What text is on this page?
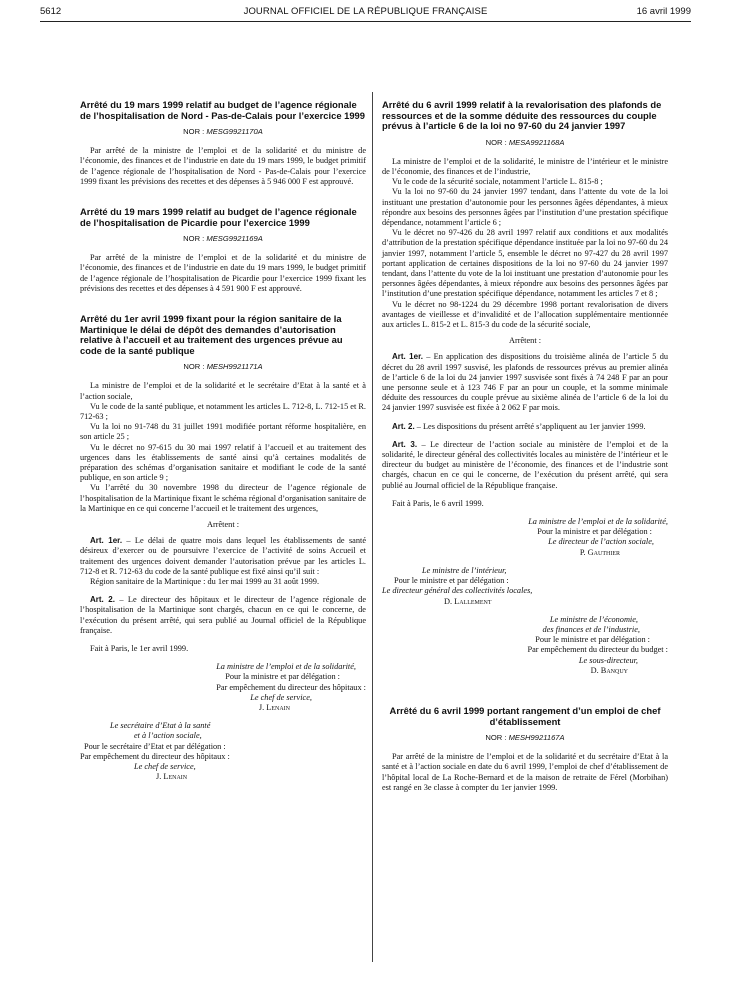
5612	JOURNAL OFFICIEL DE LA RÉPUBLIQUE FRANÇAISE	16 avril 1999
Arrêté du 19 mars 1999 relatif au budget de l’agence régionale de l’hospitalisation de Nord - Pas-de-Calais pour l’exercice 1999
NOR : MESG9921170A

Par arrêté de la ministre de l’emploi et de la solidarité et du ministre de l’économie, des finances et de l’industrie en date du 19 mars 1999, le budget primitif de l’agence régionale de l’hospitalisation de Nord - Pas-de-Calais pour l’exercice 1999 fixant les prévisions des recettes et des dépenses à 5 946 000 F est approuvé.

Arrêté du 19 mars 1999 relatif au budget de l’agence régionale de l’hospitalisation de Picardie pour l’exercice 1999
NOR : MESG9921169A

Par arrêté de la ministre de l’emploi et de la solidarité et du ministre de l’économie, des finances et de l’industrie en date du 19 mars 1999, le budget primitif de l’agence régionale de l’hospitalisation de Picardie pour l’exercice 1999 fixant les prévisions des recettes et des dépenses à 4 591 900 F est approuvé.

Arrêté du 1er avril 1999 fixant pour la région sanitaire de la Martinique le délai de dépôt des demandes d’autorisation relative à l’accueil et au traitement des urgences prévue au code de la santé publique
NOR : MESH9921171A

La ministre de l’emploi et de la solidarité et le secrétaire d’Etat à la santé et à l’action sociale,

Vu le code de la santé publique, et notamment les articles L. 712-8, L. 712-15 et R. 712-63 ;

Vu la loi no 91-748 du 31 juillet 1991 modifiée portant réforme hospitalière, en son article 25 ;

Vu le décret no 97-615 du 30 mai 1997 relatif à l’accueil et au traitement des urgences dans les établissements de santé ainsi qu’à certaines modalités de préparation des schémas d’organisation sanitaire et modifiant le code de la santé publique, en son article 9 ;

Vu l’arrêté du 30 novembre 1998 du directeur de l’agence régionale de l’hospitalisation de la Martinique fixant le schéma régional d’organisation sanitaire de la Martinique en ce qui concerne l’accueil et le traitement des urgences,

Arrêtent :

Art. 1er. – Le délai de quatre mois dans lequel les établissements de santé désireux d’exercer ou de poursuivre l’exercice de l’activité de soins Accueil et traitement des urgences doivent demander l’autorisation prévue par les articles L. 712-8 et R. 712-63 du code de la santé publique est fixé ainsi qu’il suit :

Région sanitaire de la Martinique : du 1er mai 1999 au 31 août 1999.

Art. 2. – Le directeur des hôpitaux et le directeur de l’agence régionale de l’hospitalisation de la Martinique sont chargés, chacun en ce qui le concerne, de l’exécution du présent arrêté, qui sera publié au Journal officiel de la République française.

Fait à Paris, le 1er avril 1999.

La ministre de l’emploi et de la solidarité,
Pour la ministre et par délégation :
Par empêchement du directeur des hôpitaux :
Le chef de service,
J. Lenain
Le secrétaire d’Etat à la santé
et à l’action sociale,
Pour le secrétaire d’Etat et par délégation :
Par empêchement du directeur des hôpitaux :
Le chef de service,
J. Lenain
Arrêté du 6 avril 1999 relatif à la revalorisation des plafonds de ressources et de la somme déduite des ressources du couple prévus à l’article 6 de la loi no 97-60 du 24 janvier 1997
NOR : MESA9921168A

La ministre de l’emploi et de la solidarité, le ministre de l’intérieur et le ministre de l’économie, des finances et de l’industrie,

Vu le code de la sécurité sociale, notamment l’article L. 815-8 ;

Vu la loi no 97-60 du 24 janvier 1997 tendant, dans l’attente du vote de la loi instituant une prestation d’autonomie pour les personnes âgées dépendantes, à mieux répondre aux besoins des personnes âgées par l’institution d’une prestation spécifique dépendance, notamment l’article 6 ;

Vu le décret no 97-426 du 28 avril 1997 relatif aux conditions et aux modalités d’attribution de la prestation spécifique dépendance instituée par la loi no 97-60 du 24 janvier 1997, notamment l’article 5, ensemble le décret no 97-427 du 28 avril 1997 portant application de certaines dispositions de la loi no 97-60 du 24 janvier 1997 tendant, dans l’attente du vote de la loi instituant une prestation d’autonomie pour les personnes âgées dépendantes, à mieux répondre aux besoins des personnes âgées par l’institution d’une prestation spécifique dépendance, notamment les articles 7 et 8 ;

Vu le décret no 98-1224 du 29 décembre 1998 portant revalorisation de divers avantages de vieillesse et d’invalidité et de l’allocation supplémentaire mentionnée aux articles L. 815-2 et L. 815-3 du code de la sécurité sociale,

Arrêtent :

Art. 1er. – En application des dispositions du troisième alinéa de l’article 5 du décret du 28 avril 1997 susvisé, les plafonds de ressources prévus au premier alinéa de l’article 6 de la loi du 24 janvier 1997 susvisée sont fixés à 74 248 F par an pour une personne seule et à 123 746 F par an pour un couple, et la somme minimale déduite des ressources du couple prévue au sixième alinéa de l’article 6 de la loi du 24 janvier 1997 susvisée est fixée à 2 062 F par mois.

Art. 2. – Les dispositions du présent arrêté s’appliquent au 1er janvier 1999.

Art. 3. – Le directeur de l’action sociale au ministère de l’emploi et de la solidarité, le directeur général des collectivités locales au ministère de l’intérieur et le directeur du budget au ministère de l’économie, des finances et de l’industrie sont chargés, chacun en ce qui le concerne, de l’exécution du présent arrêté, qui sera publié au Journal officiel de la République française.

Fait à Paris, le 6 avril 1999.

La ministre de l’emploi et de la solidarité,
Pour la ministre et par délégation :
Le directeur de l’action sociale,
P. Gauthier
Le ministre de l’intérieur,
Pour le ministre et par délégation :
Le directeur général des collectivités locales,
D. Lallement
Le ministre de l’économie,
des finances et de l’industrie,
Pour le ministre et par délégation :
Par empêchement du directeur du budget :
Le sous-directeur,
D. Banquy
Arrêté du 6 avril 1999 portant rangement d’un emploi de chef d’établissement
NOR : MESH9921167A

Par arrêté de la ministre de l’emploi et de la solidarité et du secrétaire d’Etat à la santé et à l’action sociale en date du 6 avril 1999, l’emploi de chef d’établissement de l’hôpital local de La Roche-Bernard et de la maison de retraite de Férel (Morbihan) est rangé en 3e classe à compter du 1er janvier 1999.
